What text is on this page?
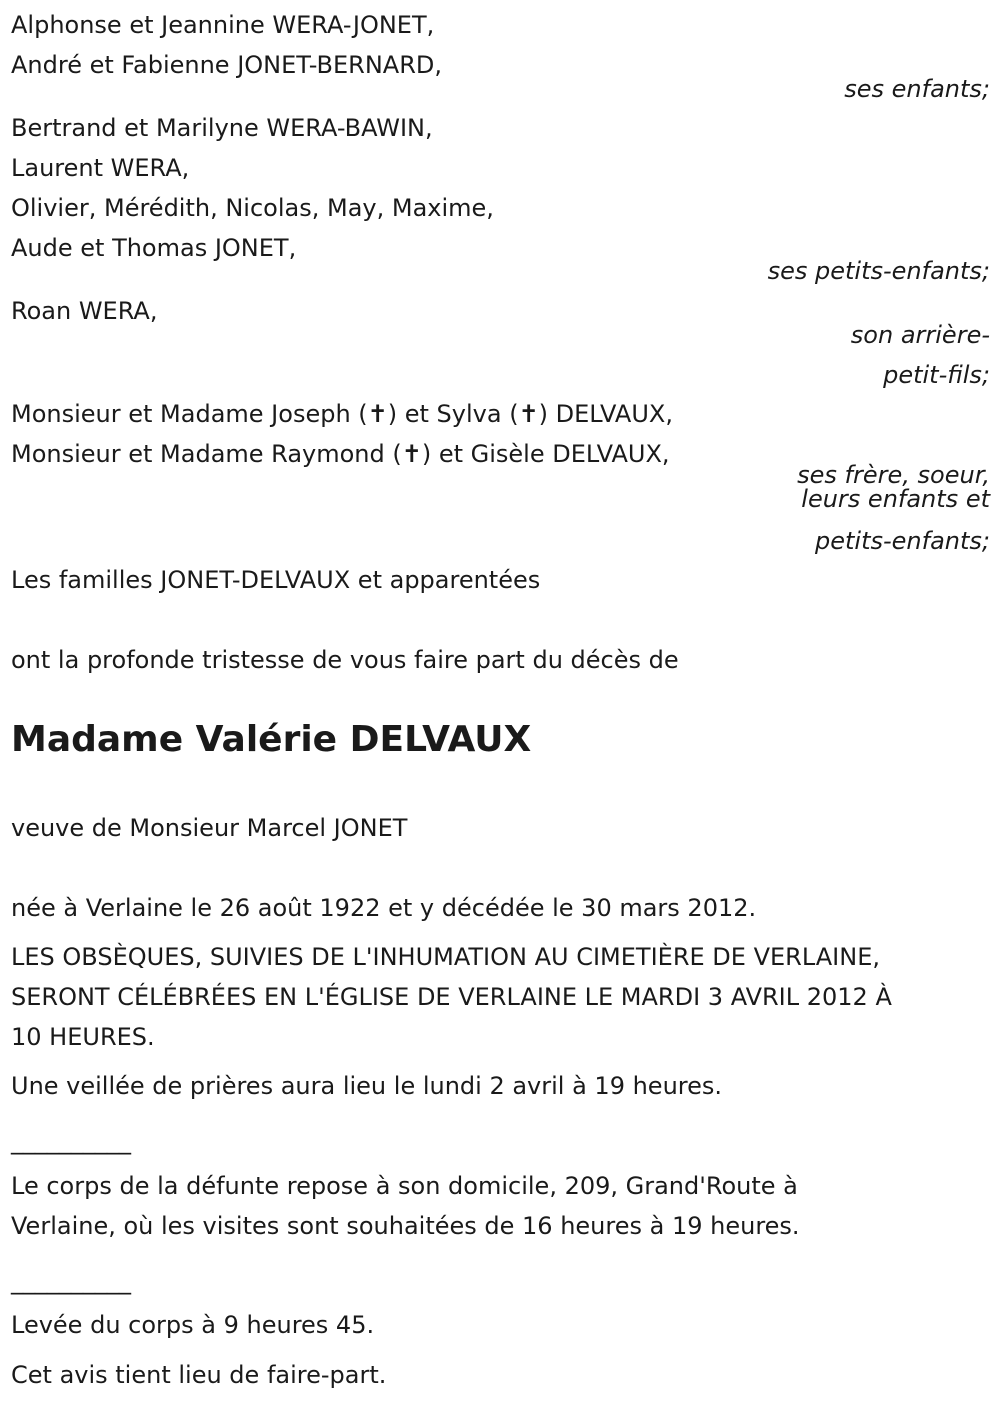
Alphonse et Jeannine WERA-JONET,
André et Fabienne JONET-BERNARD,
ses enfants;
Bertrand et Marilyne WERA-BAWIN,
Laurent WERA,
Olivier, Mérédith, Nicolas, May, Maxime,
Aude et Thomas JONET,
ses petits-enfants;
Roan WERA,
son arrière-
petit-fils;
Monsieur et Madame Joseph (✝) et Sylva (✝) DELVAUX,
Monsieur et Madame Raymond (✝) et Gisèle DELVAUX,
ses frère, soeur,
leurs enfants et
petits-enfants;
Les familles JONET-DELVAUX et apparentées
ont la profonde tristesse de vous faire part du décès de
Madame Valérie DELVAUX
veuve de Monsieur Marcel JONET
née à Verlaine le 26 août 1922 et y décédée le 30 mars 2012.
LES OBSÈQUES, SUIVIES DE L'INHUMATION AU CIMETIÈRE DE VERLAINE,
SERONT CÉLÉBRÉES EN L'ÉGLISE DE VERLAINE LE MARDI 3 AVRIL 2012 À
10 HEURES.
Une veillée de prières aura lieu le lundi 2 avril à 19 heures.
__________
Le corps de la défunte repose à son domicile, 209, Grand'Route à
Verlaine, où les visites sont souhaitées de 16 heures à 19 heures.
__________
Levée du corps à 9 heures 45.
Cet avis tient lieu de faire-part.
